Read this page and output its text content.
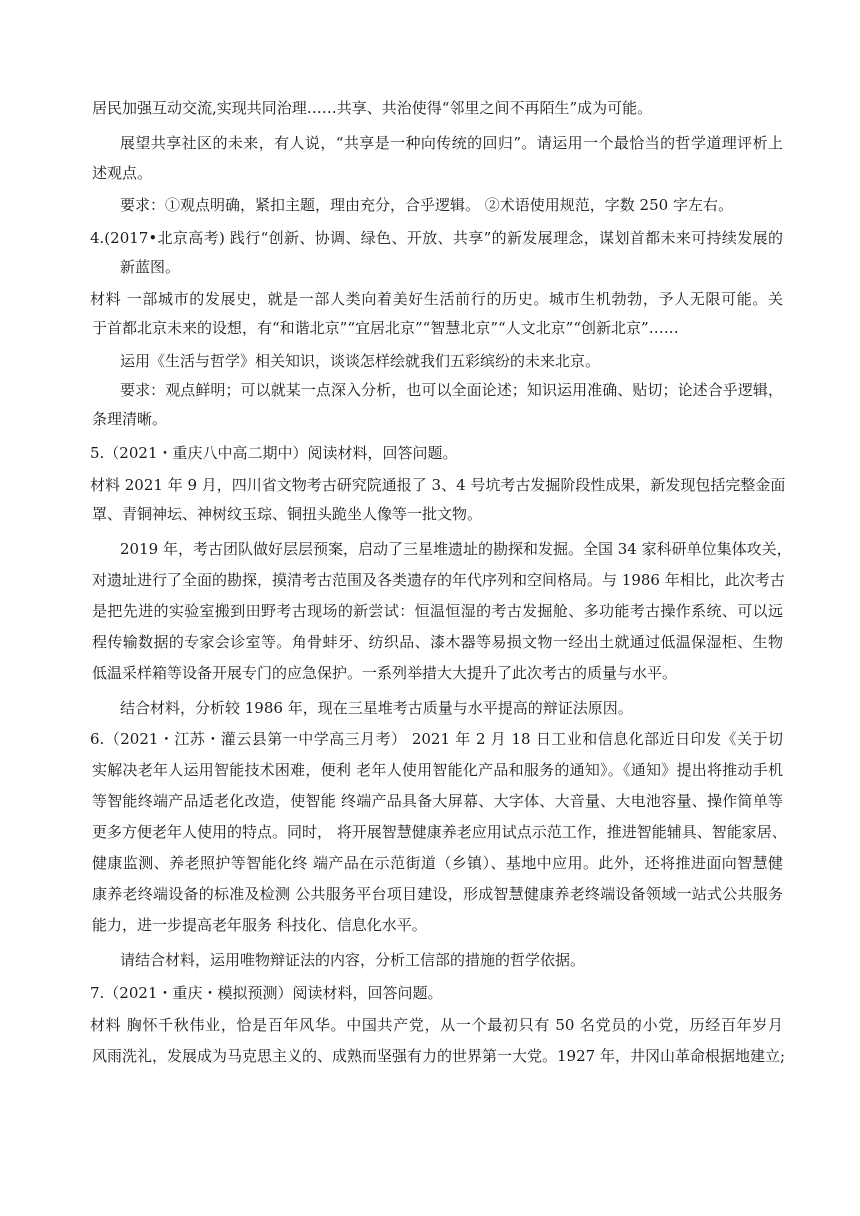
居民加强互动交流,实现共同治理……共享、共治使得“邻里之间不再陌生”成为可能。
展望共享社区的未来，有人说，“共享是一种向传统的回归”。请运用一个最恰当的哲学道理评析上
述观点。
要求：①观点明确，紧扣主题，理由充分，合乎逻辑。 ②术语使用规范，字数 250 字左右。
4.(2017•北京高考) 践行“创新、协调、绿色、开放、共享”的新发展理念，谋划首都未来可持续发展的
新蓝图。
材料 一部城市的发展史，就是一部人类向着美好生活前行的历史。城市生机勃勃，予人无限可能。关
于首都北京未来的设想，有“和谐北京”“宜居北京”“智慧北京”“人文北京”“创新北京”……
运用《生活与哲学》相关知识，谈谈怎样绘就我们五彩缤纷的未来北京。
要求：观点鲜明；可以就某一点深入分析，也可以全面论述；知识运用准确、贴切；论述合乎逻辑，
条理清晰。
5.（2021・重庆八中高二期中）阅读材料，回答问题。
材料 2021 年 9 月，四川省文物考古研究院通报了 3、4 号坑考古发掘阶段性成果，新发现包括完整金面
罩、青铜神坛、神树纹玉琮、铜扭头跪坐人像等一批文物。
2019 年，考古团队做好层层预案，启动了三星堆遗址的勘探和发掘。全国 34 家科研单位集体攻关，
对遗址进行了全面的勘探，摸清考古范围及各类遗存的年代序列和空间格局。与 1986 年相比，此次考古
是把先进的实验室搬到田野考古现场的新尝试：恒温恒湿的考古发掘舱、多功能考古操作系统、可以远
程传输数据的专家会诊室等。角骨蚌牙、纺织品、漆木器等易损文物一经出土就通过低温保湿柜、生物
低温采样箱等设备开展专门的应急保护。一系列举措大大提升了此次考古的质量与水平。
结合材料，分析较 1986 年，现在三星堆考古质量与水平提高的辩证法原因。
6.（2021・江苏・灌云县第一中学高三月考） 2021 年 2 月 18 日工业和信息化部近日印发《关于切
实解决老年人运用智能技术困难，便利 老年人使用智能化产品和服务的通知》。《通知》提出将推动手机
等智能终端产品适老化改造，使智能 终端产品具备大屏幕、大字体、大音量、大电池容量、操作简单等
更多方便老年人使用的特点。同时， 将开展智慧健康养老应用试点示范工作，推进智能辅具、智能家居、
健康监测、养老照护等智能化终 端产品在示范街道（乡镇）、基地中应用。此外，还将推进面向智慧健
康养老终端设备的标准及检测 公共服务平台项目建设，形成智慧健康养老终端设备领域一站式公共服务
能力，进一步提高老年服务 科技化、信息化水平。
请结合材料，运用唯物辩证法的内容，分析工信部的措施的哲学依据。
7.（2021・重庆・模拟预测）阅读材料，回答问题。
材料 胸怀千秋伟业，恰是百年风华。中国共产党，从一个最初只有 50 名党员的小党，历经百年岁月
风雨洗礼，发展成为马克思主义的、成熟而坚强有力的世界第一大党。1927 年，井冈山革命根据地建立;
